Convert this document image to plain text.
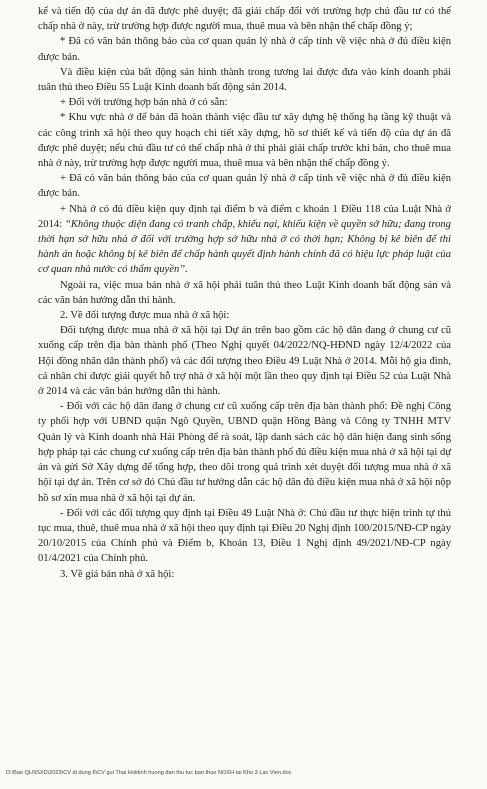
kế và tiến độ của dự án đã được phê duyệt; đã giải chấp đối với trường hợp chủ đầu tư có thế chấp nhà ở này, trừ trường hợp được người mua, thuê mua và bên nhận thế chấp đồng ý;

* Đã có văn bản thông báo của cơ quan quản lý nhà ở cấp tỉnh về việc nhà ở đủ điều kiện được bán.

Và điều kiện của bất động sản hình thành trong tương lai được đưa vào kinh doanh phải tuân thủ theo Điều 55 Luật Kinh doanh bất động sản 2014.

+ Đối với trường hợp bán nhà ở có sẵn:

* Khu vực nhà ở để bán đã hoàn thành việc đầu tư xây dựng hệ thống hạ tầng kỹ thuật và các công trình xã hội theo quy hoạch chi tiết xây dựng, hồ sơ thiết kế và tiến độ của dự án đã được phê duyệt; nếu chủ đầu tư có thế chấp nhà ở thì phải giải chấp trước khi bán, cho thuê mua nhà ở này, trừ trường hợp được người mua, thuê mua và bên nhận thế chấp đồng ý.

+ Đã có văn bản thông báo của cơ quan quản lý nhà ở cấp tỉnh về việc nhà ở đủ điều kiện được bán.

+ Nhà ở có đủ điều kiện quy định tại điểm b và điểm c khoản 1 Điều 118 của Luật Nhà ở 2014: “Không thuộc diện đang có tranh chấp, khiếu nại, khiếu kiện về quyền sở hữu; đang trong thời hạn sở hữu nhà ở đối với trường hợp sở hữu nhà ở có thời hạn; Không bị kê biên để thi hành án hoặc không bị kê biên để chấp hành quyết định hành chính đã có hiệu lực pháp luật của cơ quan nhà nước có thẩm quyền”.

Ngoài ra, việc mua bán nhà ở xã hội phải tuân thủ theo Luật Kinh doanh bất động sản và các văn bản hướng dẫn thi hành.

2. Về đối tượng được mua nhà ở xã hội:

Đối tượng được mua nhà ở xã hội tại Dự án trên bao gồm các hộ dân đang ở chung cư cũ xuống cấp trên địa bàn thành phố (Theo Nghị quyết 04/2022/NQ-HĐND ngày 12/4/2022 của Hội đồng nhân dân thành phố) và các đối tượng theo Điều 49 Luật Nhà ở 2014. Mỗi hộ gia đình, cá nhân chỉ được giải quyết hỗ trợ nhà ở xã hội một lần theo quy định tại Điều 52 của Luật Nhà ở 2014 và các văn bản hướng dẫn thi hành.

- Đối với các hộ dân đang ở chung cư cũ xuống cấp trên địa bàn thành phố: Đề nghị Công ty phối hợp với UBND quận Ngô Quyền, UBND quận Hồng Bàng và Công ty TNHH MTV Quản lý và Kinh doanh nhà Hải Phòng để rà soát, lập danh sách các hộ dân hiện đang sinh sống hợp pháp tại các chung cư xuống cấp trên địa bàn thành phố đủ điều kiện mua nhà ở xã hội tại dự án và gửi Sở Xây dựng để tổng hợp, theo dõi trong quá trình xét duyệt đối tượng mua nhà ở xã hội tại dự án. Trên cơ sở đó Chủ đầu tư hướng dẫn các hộ dân đủ điều kiện mua nhà ở xã hội nộp hồ sơ xin mua nhà ở xã hội tại dự án.

- Đối với các đối tượng quy định tại Điều 49 Luật Nhà ở: Chủ đầu tư thực hiện trình tự thủ tục mua, thuê, thuê mua nhà ở xã hội theo quy định tại Điều 20 Nghị định 100/2015/NĐ-CP ngày 20/10/2015 của Chính phủ và Điểm b, Khoản 13, Điều 1 Nghị định 49/2021/NĐ-CP ngày 01/4/2021 của Chính phủ.

3. Về giá bán nhà ở xã hội:

D:\Bao QLNSXD\2023\CV di dung 6\CV gui Thai Holdinh huong dan thu tuc ban thue NOXH tai Kho 3 Lac Vien.doc
